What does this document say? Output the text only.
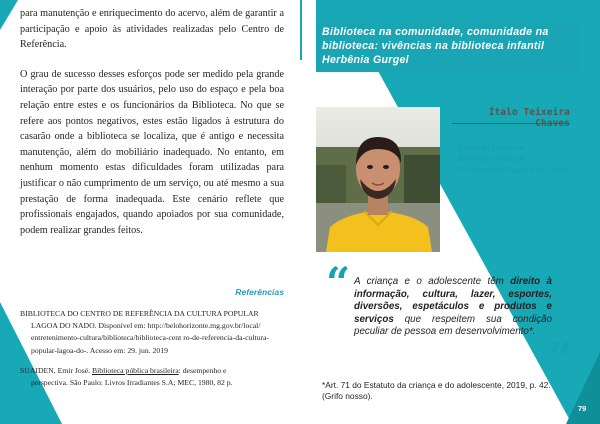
para manutenção e enriquecimento do acervo, além de garantir a participação e apoio às atividades realizadas pelo Centro de Referência.

O grau de sucesso desses esforços pode ser medido pela grande interação por parte dos usuários, pelo uso do espaço e pela boa relação entre estes e os funcionários da Biblioteca. No que se refere aos pontos negativos, estes estão ligados à estrutura do casarão onde a biblioteca se localiza, que é antigo e necessita manutenção, além do mobiliário inadequado. No entanto, em nenhum momento estas dificuldades foram utilizadas para justificar o não cumprimento de um serviço, ou até mesmo a sua prestação de forma inadequada. Este cenário reflete que profissionais engajados, quando apoiados por sua comunidade, podem realizar grandes feitos.

Referências

BIBLIOTECA DO CENTRO DE REFERÊNCIA DA CULTURA POPULAR
LAGOA DO NADO. Disponível em: http://belohorizonte.mg.gov.br/local/ entretenimento-cultura/biblioteca/biblioteca-cent ro-de-referencia-da-cultura-popular-lagoa-do-. Acesso em: 29. jun. 2019

SUAIDEN, Emir José. Biblioteca pública brasileira: desempenho e
perspectiva. São Paulo: Livros Irradiantes S.A; MEC, 1980, 82 p.

Biblioteca na comunidade, comunidade na biblioteca: vivências na biblioteca infantil Herbênia Gurgel

Ítalo Teixeira

Aluno do Curso de Biblioteconomia da Universidade Federal do Ceará

“ A criança e o adolescente têm direito à informação, cultura, lazer, esportes, diversões, espetáculos e produtos e serviços que respeitem sua condição peculiar de pessoa em desenvolvimento*.

”

*Art. 71 do Estatuto da criança e do adolescente, 2019, p. 42. (Grifo nosso).

79
